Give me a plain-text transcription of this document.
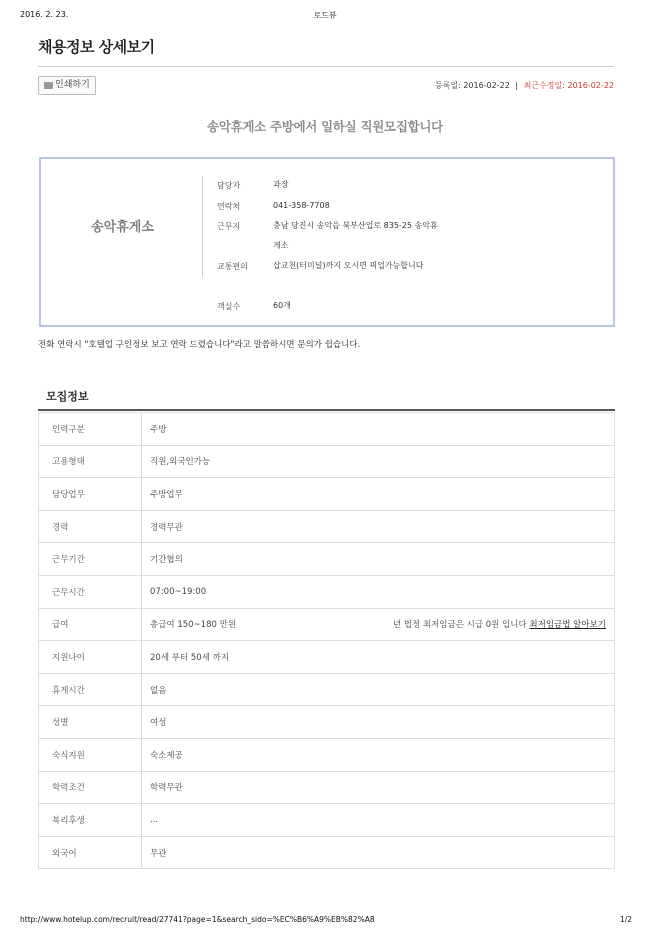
2016. 2. 23.	로드뷰
채용정보 상세보기
인쇄하기	등록일: 2016-02-22 | 최근수정일: 2016-02-22
송악휴게소 주방에서 일하실 직원모집합니다
송악휴게소
담당자	과장
연락처	041-358-7708
근무지	충남 당진시 송악읍 북부산업로 835-25 송악휴게소
교통편의	삽교천(터미널)까지 오시면 픽업가능합니다
객실수	60개
전화 연락시 "호텔업 구인정보 보고 연락 드렸습니다"라고 말씀하시면 문의가 쉽습니다.
모집정보
인력구분	주방
고용형태	직원,외국인가능
담당업무	주방업무
경력	경력무관
근무기간	기간협의
근무시간	07:00~19:00
급여	총급여 150~180 만원 년 법정 최저임금은 시급 0원 입니다 최저임금법 알아보기

지원나이	20세 부터 50세 까지
휴게시간	없음
성별	여성
숙식지원	숙소제공
학력조건	학력무관
복리후생	...
외국어	무관
http://www.hotelup.com/recruit/read/27741?page=1&search_sido=%EC%B6%A9%EB%82%A8	1/2
